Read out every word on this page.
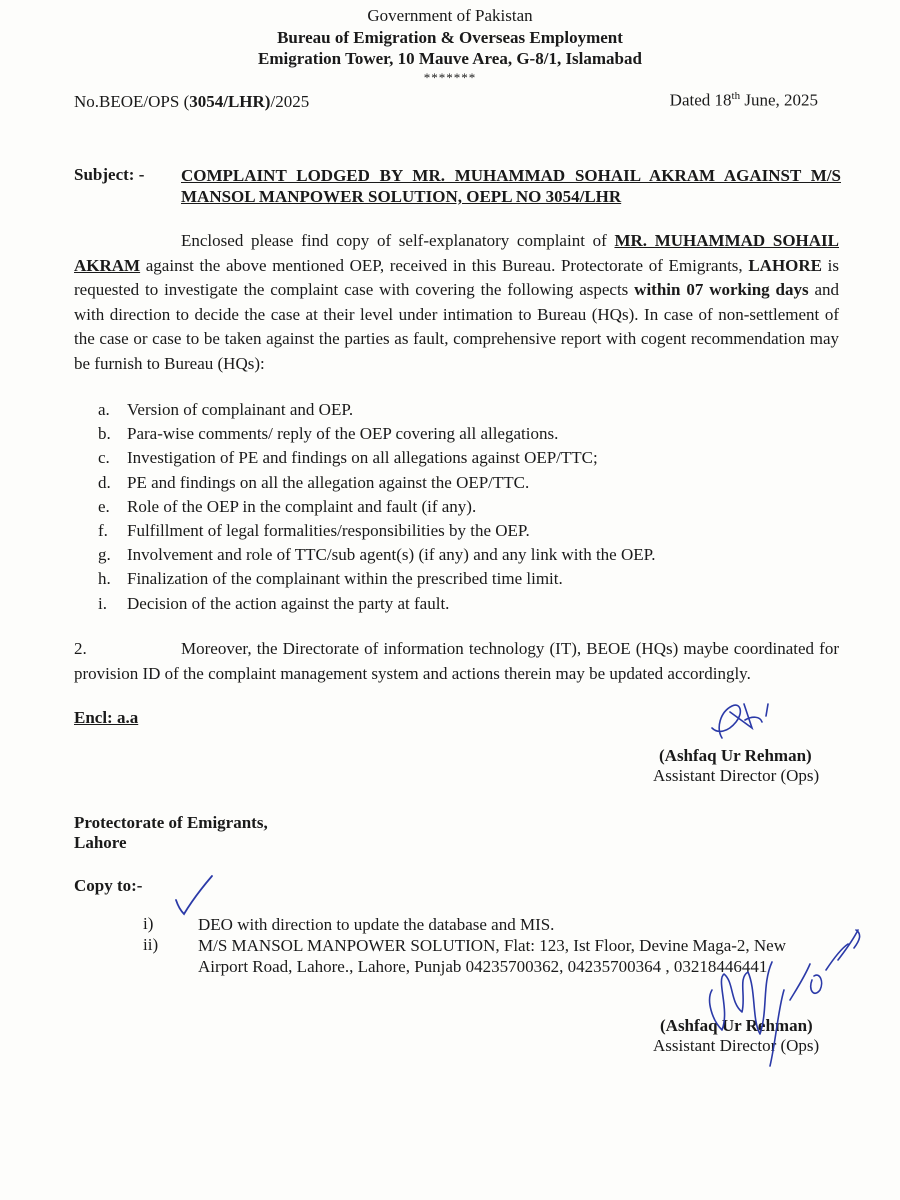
Government of Pakistan
Bureau of Emigration & Overseas Employment
Emigration Tower, 10 Mauve Area, G-8/1, Islamabad
*******
No.BEOE/OPS (3054/LHR)/2025	Dated 18th June, 2025
Subject: - COMPLAINT LODGED BY MR. MUHAMMAD SOHAIL AKRAM AGAINST M/S MANSOL MANPOWER SOLUTION, OEPL NO 3054/LHR
Enclosed please find copy of self-explanatory complaint of MR. MUHAMMAD SOHAIL AKRAM against the above mentioned OEP, received in this Bureau. Protectorate of Emigrants, LAHORE is requested to investigate the complaint case with covering the following aspects within 07 working days and with direction to decide the case at their level under intimation to Bureau (HQs). In case of non-settlement of the case or case to be taken against the parties as fault, comprehensive report with cogent recommendation may be furnish to Bureau (HQs):
a. Version of complainant and OEP.
b. Para-wise comments/ reply of the OEP covering all allegations.
c. Investigation of PE and findings on all allegations against OEP/TTC;
d. PE and findings on all the allegation against the OEP/TTC.
e. Role of the OEP in the complaint and fault (if any).
f. Fulfillment of legal formalities/responsibilities by the OEP.
g. Involvement and role of TTC/sub agent(s) (if any) and any link with the OEP.
h. Finalization of the complainant within the prescribed time limit.
i. Decision of the action against the party at fault.
2.	Moreover, the Directorate of information technology (IT), BEOE (HQs) maybe coordinated for provision ID of the complaint management system and actions therein may be updated accordingly.
Encl: a.a
(Ashfaq Ur Rehman)
Assistant Director (Ops)
Protectorate of Emigrants,
Lahore
Copy to:-
i)	DEO with direction to update the database and MIS.
ii) M/S MANSOL MANPOWER SOLUTION, Flat: 123, Ist Floor, Devine Maga-2, New Airport Road, Lahore., Lahore, Punjab 04235700362, 04235700364 , 03218446441
(Ashfaq Ur Rehman)
Assistant Director (Ops)
